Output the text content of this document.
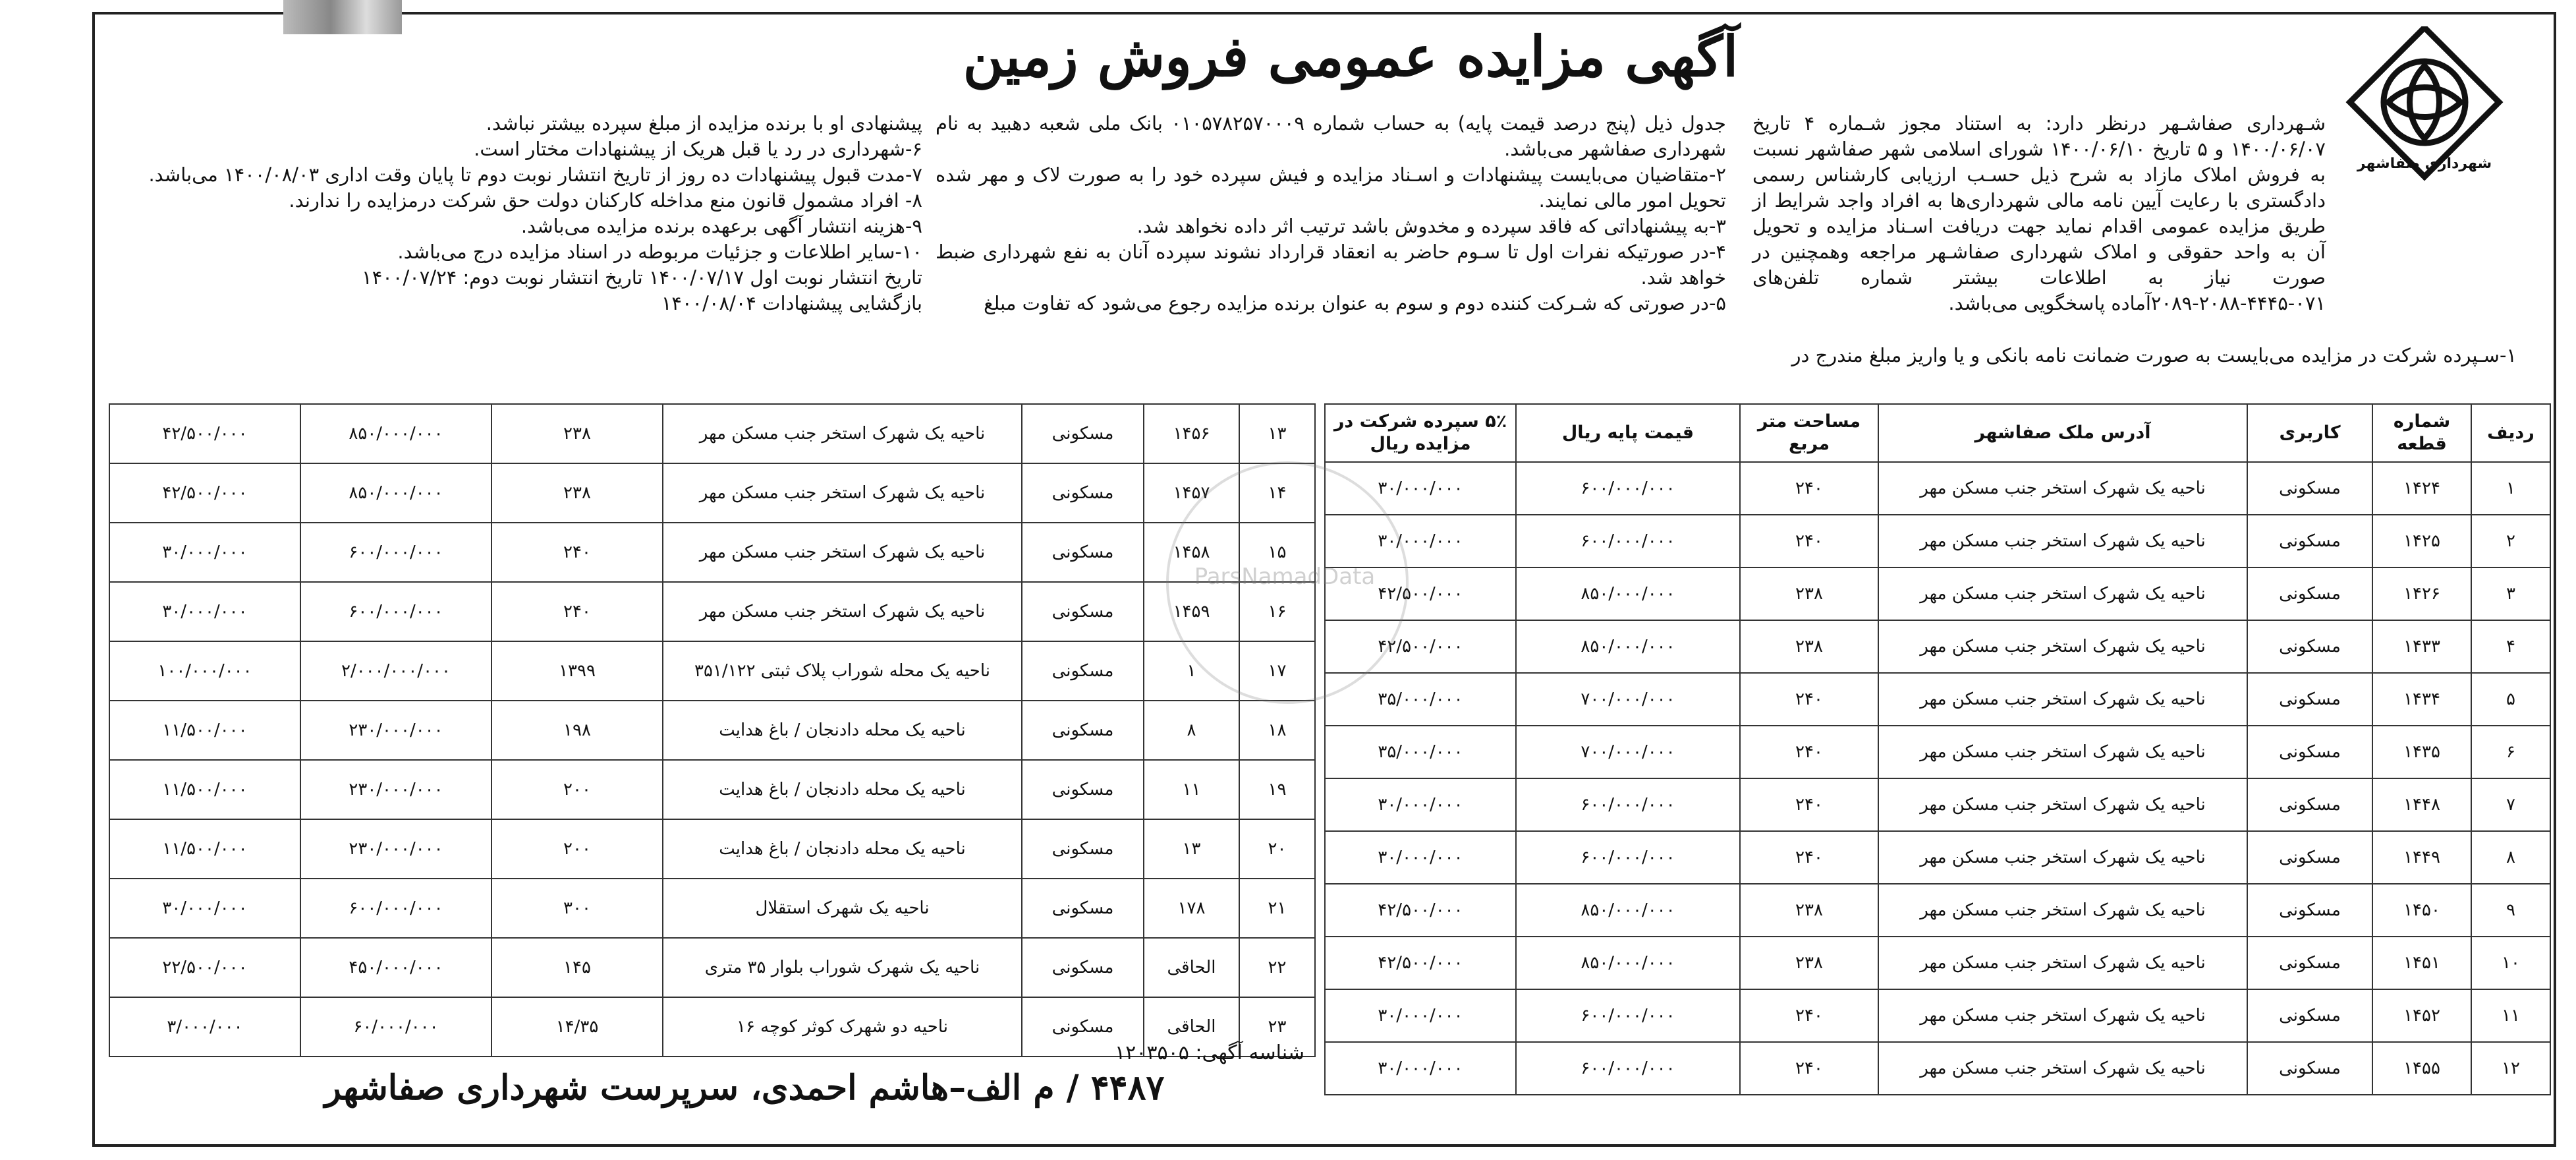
شهرداری صفاشهر
آگهی مزایده عمومی فروش زمین

شـهرداری صفاشـهر درنظر دارد: به استناد مجوز شـماره ۴ تاریخ ۱۴۰۰/۰۶/۰۷ و ۵ تاریخ ۱۴۰۰/۰۶/۱۰ شورای اسلامی شهر صفاشهر نسبت به فروش املاک مازاد به شرح ذیل حسـب ارزیابی کارشناس رسمی دادگستری با رعایت آیین نامه مالی شهرداری‌ها به افراد واجد شرایط از طریق مزایده عمومی اقدام نماید جهت دریافت اسـناد مزایده و تحویل آن به واحد حقوقی و املاک شهرداری صفاشـهر مراجعه وهمچنین در صورت نیاز به اطلاعات بیشتر شماره تلفن‌های ۰۷۱-۴۴۴۵-۲۰۸۸-۲۰۸۹آماده پاسخگویی می‌باشد.

۱-سـپرده شرکت در مزایده می‌بایست به صورت ضمانت نامه بانکی و یا واریز مبلغ مندرج در

جدول ذیل (پنج درصد قیمت پایه) به حساب شماره ۰۱۰۵۷۸۲۵۷۰۰۰۹ بانک ملی شعبه دهبید به نام شهرداری صفاشهر می‌باشد.

۲-متقاضیان می‌بایست پیشنهادات و اسـناد مزایده و فیش سپرده خود را به صورت لاک و مهر شده تحویل امور مالی نمایند.

۳-به پیشنهاداتی که فاقد سپرده و مخدوش باشد ترتیب اثر داده نخواهد شد.

۴-در صورتیکه نفرات اول تا سـوم حاضر به انعقاد قرارداد نشوند سپرده آنان به نفع شهرداری ضبط خواهد شد.

۵-در صورتی که شـرکت کننده دوم و سوم به عنوان برنده مزایده رجوع می‌شود که تفاوت مبلغ

پیشنهادی او با برنده مزایده از مبلغ سپرده بیشتر نباشد.

۶-شهرداری در رد یا قبل هریک از پیشنهادات مختار است.

۷-مدت قبول پیشنهادات ده روز از تاریخ انتشار نوبت دوم تا پایان وقت اداری ۱۴۰۰/۰۸/۰۳ می‌باشد.

۸- افراد مشمول قانون منع مداخله کارکنان دولت حق شرکت درمزایده را ندارند.

۹-هزینه انتشار آگهی برعهده برنده مزایده می‌باشد.

۱۰-سایر اطلاعات و جزئیات مربوطه در اسناد مزایده درج می‌باشد.

تاریخ انتشار نوبت اول ۱۴۰۰/۰۷/۱۷ تاریخ انتشار نوبت دوم: ۱۴۰۰/۰۷/۲۴

بازگشایی پیشنهادات ۱۴۰۰/۰۸/۰۴

ردیف	شماره قطعه	کاربری	آدرس ملک صفاشهر	مساحت متر مربع	قیمت پایه ریال	۵٪ سپرده شرکت در مزایده ریال
۱	۱۴۲۴	مسکونی	ناحیه یک شهرک استخر جنب مسکن مهر	۲۴۰	۶۰۰/۰۰۰/۰۰۰	۳۰/۰۰۰/۰۰۰
۲	۱۴۲۵	مسکونی	ناحیه یک شهرک استخر جنب مسکن مهر	۲۴۰	۶۰۰/۰۰۰/۰۰۰	۳۰/۰۰۰/۰۰۰
۳	۱۴۲۶	مسکونی	ناحیه یک شهرک استخر جنب مسکن مهر	۲۳۸	۸۵۰/۰۰۰/۰۰۰	۴۲/۵۰۰/۰۰۰
۴	۱۴۳۳	مسکونی	ناحیه یک شهرک استخر جنب مسکن مهر	۲۳۸	۸۵۰/۰۰۰/۰۰۰	۴۲/۵۰۰/۰۰۰
۵	۱۴۳۴	مسکونی	ناحیه یک شهرک استخر جنب مسکن مهر	۲۴۰	۷۰۰/۰۰۰/۰۰۰	۳۵/۰۰۰/۰۰۰
۶	۱۴۳۵	مسکونی	ناحیه یک شهرک استخر جنب مسکن مهر	۲۴۰	۷۰۰/۰۰۰/۰۰۰	۳۵/۰۰۰/۰۰۰
۷	۱۴۴۸	مسکونی	ناحیه یک شهرک استخر جنب مسکن مهر	۲۴۰	۶۰۰/۰۰۰/۰۰۰	۳۰/۰۰۰/۰۰۰
۸	۱۴۴۹	مسکونی	ناحیه یک شهرک استخر جنب مسکن مهر	۲۴۰	۶۰۰/۰۰۰/۰۰۰	۳۰/۰۰۰/۰۰۰
۹	۱۴۵۰	مسکونی	ناحیه یک شهرک استخر جنب مسکن مهر	۲۳۸	۸۵۰/۰۰۰/۰۰۰	۴۲/۵۰۰/۰۰۰
۱۰	۱۴۵۱	مسکونی	ناحیه یک شهرک استخر جنب مسکن مهر	۲۳۸	۸۵۰/۰۰۰/۰۰۰	۴۲/۵۰۰/۰۰۰
۱۱	۱۴۵۲	مسکونی	ناحیه یک شهرک استخر جنب مسکن مهر	۲۴۰	۶۰۰/۰۰۰/۰۰۰	۳۰/۰۰۰/۰۰۰
۱۲	۱۴۵۵	مسکونی	ناحیه یک شهرک استخر جنب مسکن مهر	۲۴۰	۶۰۰/۰۰۰/۰۰۰	۳۰/۰۰۰/۰۰۰
۱۳	۱۴۵۶	مسکونی	ناحیه یک شهرک استخر جنب مسکن مهر	۲۳۸	۸۵۰/۰۰۰/۰۰۰	۴۲/۵۰۰/۰۰۰
۱۴	۱۴۵۷	مسکونی	ناحیه یک شهرک استخر جنب مسکن مهر	۲۳۸	۸۵۰/۰۰۰/۰۰۰	۴۲/۵۰۰/۰۰۰
۱۵	۱۴۵۸	مسکونی	ناحیه یک شهرک استخر جنب مسکن مهر	۲۴۰	۶۰۰/۰۰۰/۰۰۰	۳۰/۰۰۰/۰۰۰
۱۶	۱۴۵۹	مسکونی	ناحیه یک شهرک استخر جنب مسکن مهر	۲۴۰	۶۰۰/۰۰۰/۰۰۰	۳۰/۰۰۰/۰۰۰
۱۷	۱	مسکونی	ناحیه یک محله شوراب پلاک ثبتی ۳۵۱/۱۲۲	۱۳۹۹	۲/۰۰۰/۰۰۰/۰۰۰	۱۰۰/۰۰۰/۰۰۰
۱۸	۸	مسکونی	ناحیه یک محله دادنجان / باغ هدایت	۱۹۸	۲۳۰/۰۰۰/۰۰۰	۱۱/۵۰۰/۰۰۰
۱۹	۱۱	مسکونی	ناحیه یک محله دادنجان / باغ هدایت	۲۰۰	۲۳۰/۰۰۰/۰۰۰	۱۱/۵۰۰/۰۰۰
۲۰	۱۳	مسکونی	ناحیه یک محله دادنجان / باغ هدایت	۲۰۰	۲۳۰/۰۰۰/۰۰۰	۱۱/۵۰۰/۰۰۰
۲۱	۱۷۸	مسکونی	ناحیه یک شهرک استقلال	۳۰۰	۶۰۰/۰۰۰/۰۰۰	۳۰/۰۰۰/۰۰۰
۲۲	الحاقی	مسکونی	ناحیه یک شهرک شوراب بلوار ۳۵ متری	۱۴۵	۴۵۰/۰۰۰/۰۰۰	۲۲/۵۰۰/۰۰۰
۲۳	الحاقی	مسکونی	ناحیه دو شهرک کوثر کوچه ۱۶	۱۴/۳۵	۶۰/۰۰۰/۰۰۰	۳/۰۰۰/۰۰۰
ParsNamadData
شناسه آگهی: ۱۲۰۳۵۰۵
۴۴۸۷ / م الف–هاشم احمدی، سرپرست شهرداری صفاشهر
